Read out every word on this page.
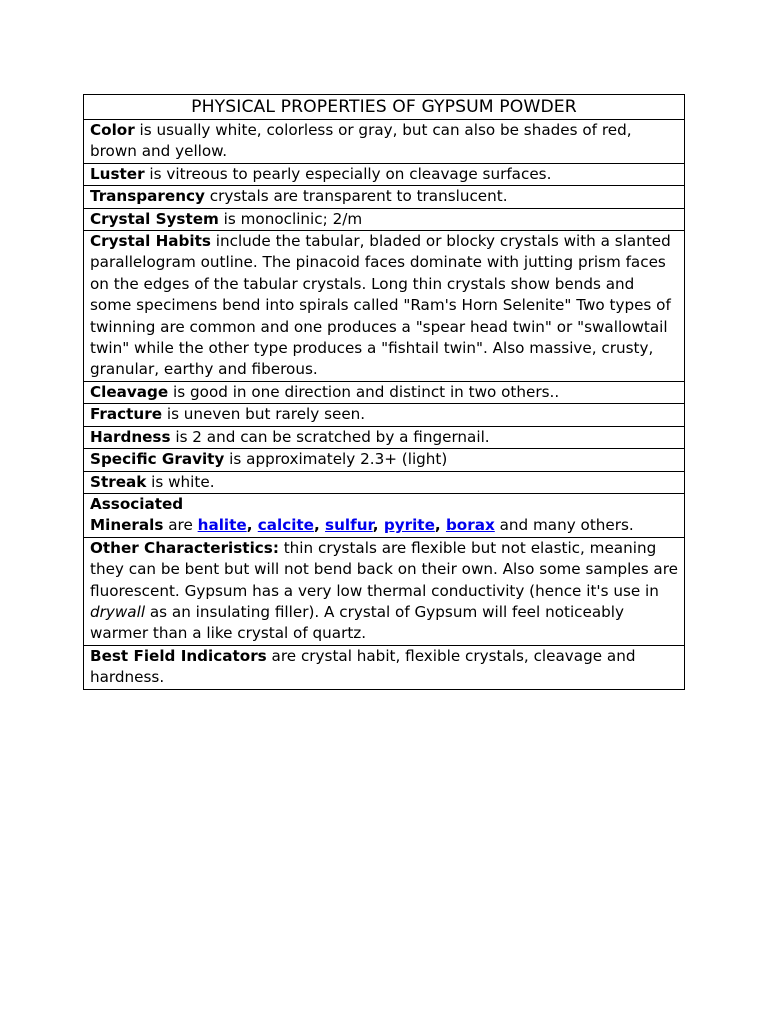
PHYSICAL PROPERTIES OF GYPSUM POWDER
Color is usually white, colorless or gray, but can also be shades of red, brown and yellow.
Luster is vitreous to pearly especially on cleavage surfaces.
Transparency crystals are transparent to translucent.
Crystal System is monoclinic; 2/m
Crystal Habits include the tabular, bladed or blocky crystals with a slanted parallelogram outline. The pinacoid faces dominate with jutting prism faces on the edges of the tabular crystals. Long thin crystals show bends and some specimens bend into spirals called "Ram's Horn Selenite" Two types of twinning are common and one produces a "spear head twin" or "swallowtail twin" while the other type produces a "fishtail twin". Also massive, crusty, granular, earthy and fiberous.
Cleavage is good in one direction and distinct in two others..
Fracture is uneven but rarely seen.
Hardness is 2 and can be scratched by a fingernail.
Specific Gravity is approximately 2.3+ (light)
Streak is white.
Associated
Minerals are halite, calcite, sulfur, pyrite, borax and many others.
Other Characteristics: thin crystals are flexible but not elastic, meaning they can be bent but will not bend back on their own. Also some samples are fluorescent. Gypsum has a very low thermal conductivity (hence it's use in drywall as an insulating filler). A crystal of Gypsum will feel noticeably warmer than a like crystal of quartz.
Best Field Indicators are crystal habit, flexible crystals, cleavage and hardness.
